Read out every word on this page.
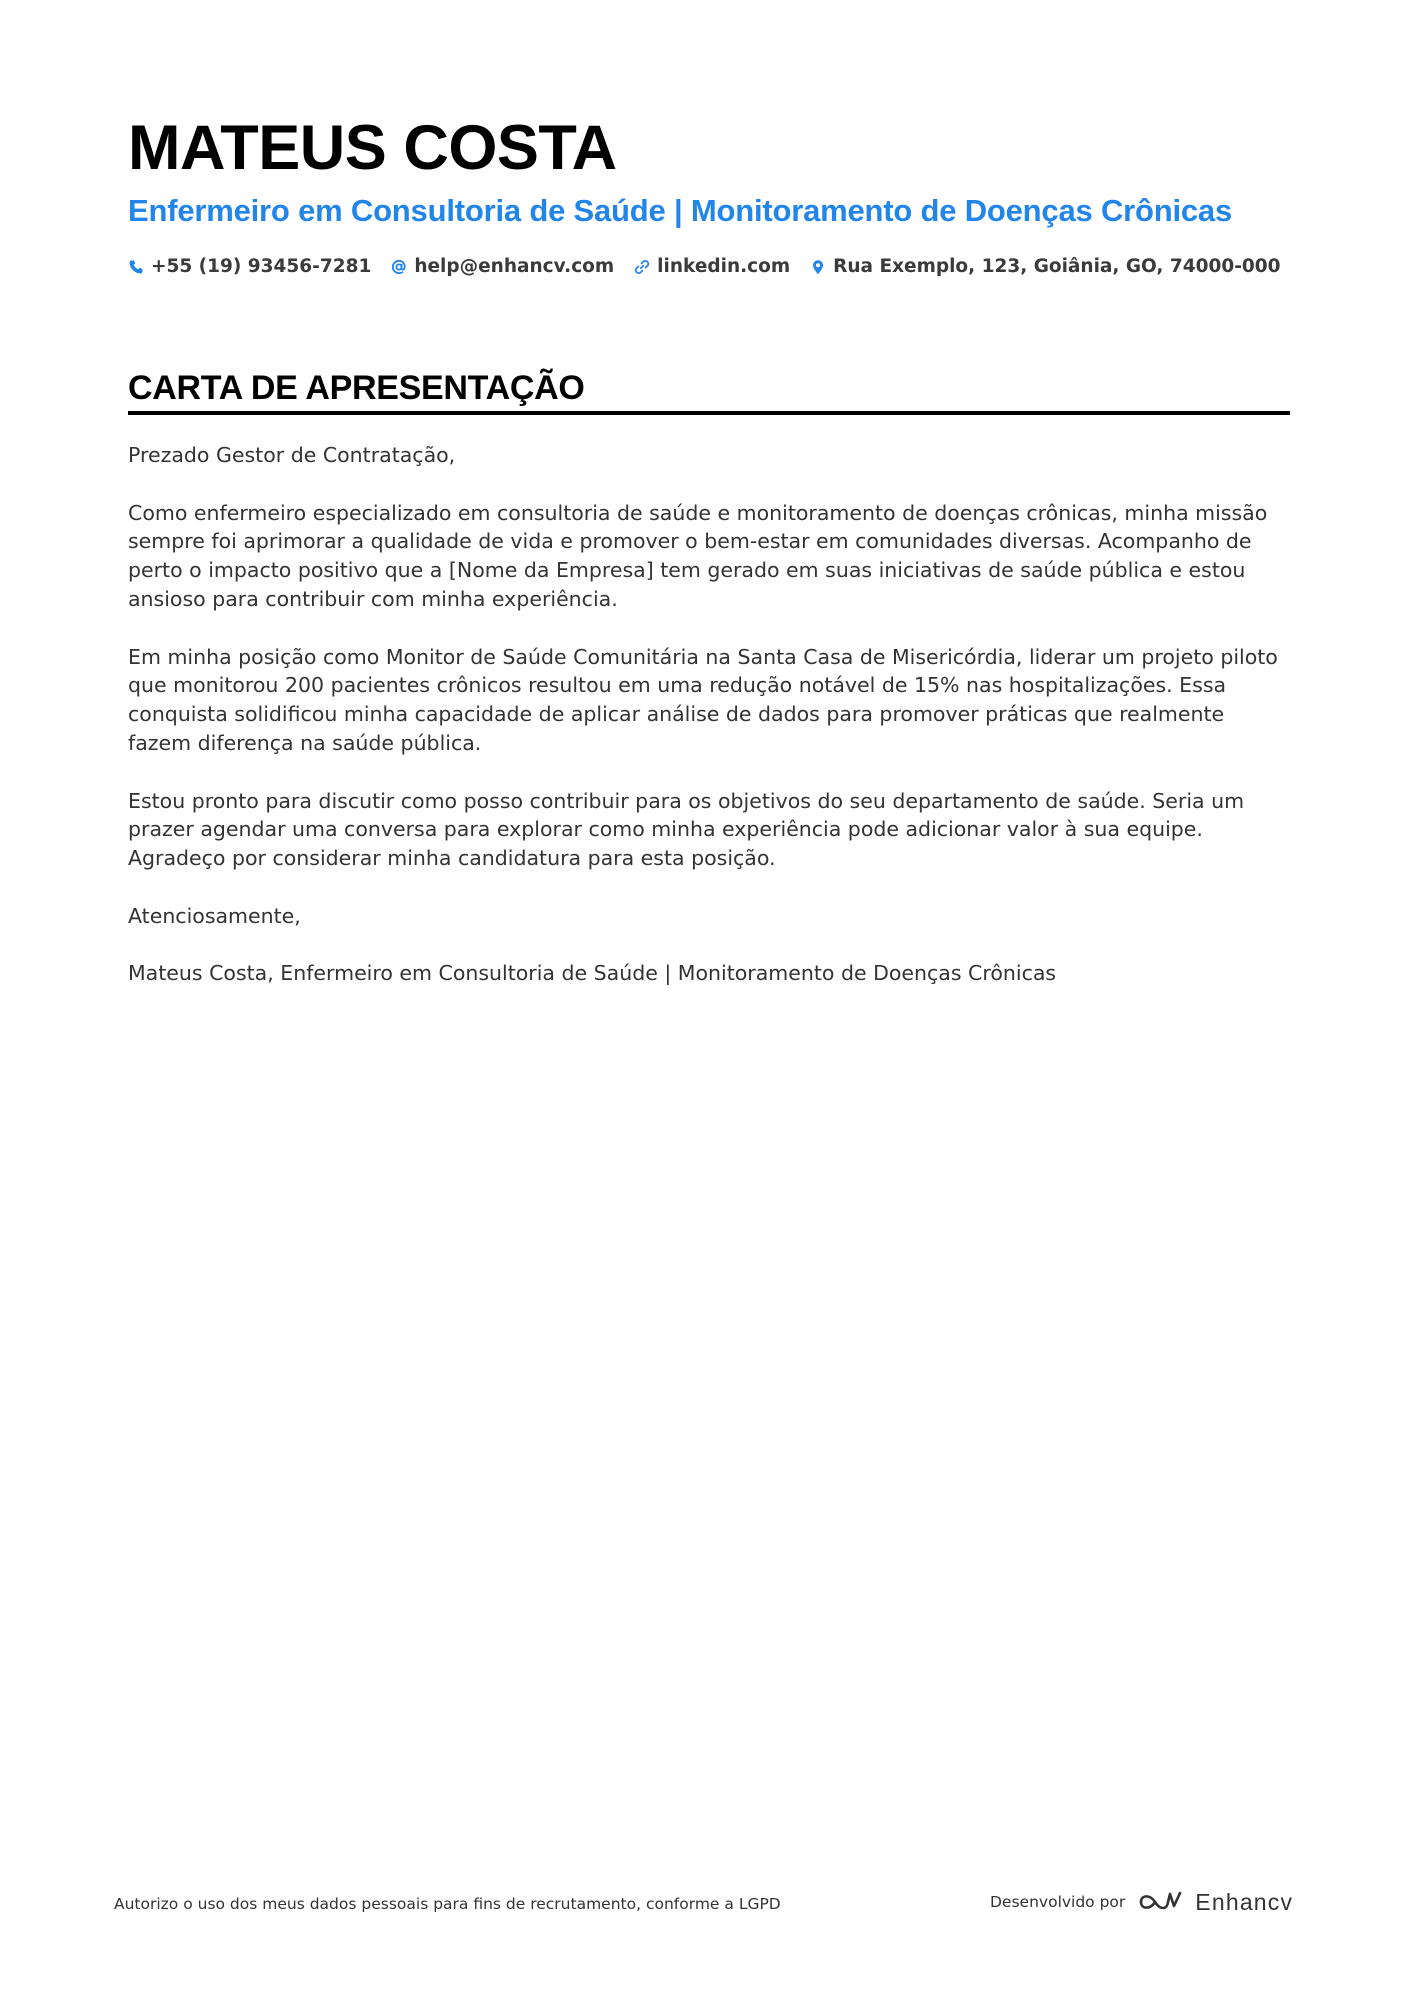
MATEUS COSTA
Enfermeiro em Consultoria de Saúde | Monitoramento de Doenças Crônicas
+55 (19) 93456-7281 help@enhancv.com linkedin.com Rua Exemplo, 123, Goiânia, GO, 74000-000
CARTA DE APRESENTAÇÃO

Prezado Gestor de Contratação,

Como enfermeiro especializado em consultoria de saúde e monitoramento de doenças crônicas, minha missão sempre foi aprimorar a qualidade de vida e promover o bem-estar em comunidades diversas. Acompanho de perto o impacto positivo que a [Nome da Empresa] tem gerado em suas iniciativas de saúde pública e estou ansioso para contribuir com minha experiência.

Em minha posição como Monitor de Saúde Comunitária na Santa Casa de Misericórdia, liderar um projeto piloto que monitorou 200 pacientes crônicos resultou em uma redução notável de 15% nas hospitalizações. Essa conquista solidificou minha capacidade de aplicar análise de dados para promover práticas que realmente fazem diferença na saúde pública.

Estou pronto para discutir como posso contribuir para os objetivos do seu departamento de saúde. Seria um prazer agendar uma conversa para explorar como minha experiência pode adicionar valor à sua equipe. Agradeço por considerar minha candidatura para esta posição.

Atenciosamente,

Mateus Costa, Enfermeiro em Consultoria de Saúde | Monitoramento de Doenças Crônicas

Autorizo o uso dos meus dados pessoais para fins de recrutamento, conforme a LGPD	Desenvolvido por	Enhancv
